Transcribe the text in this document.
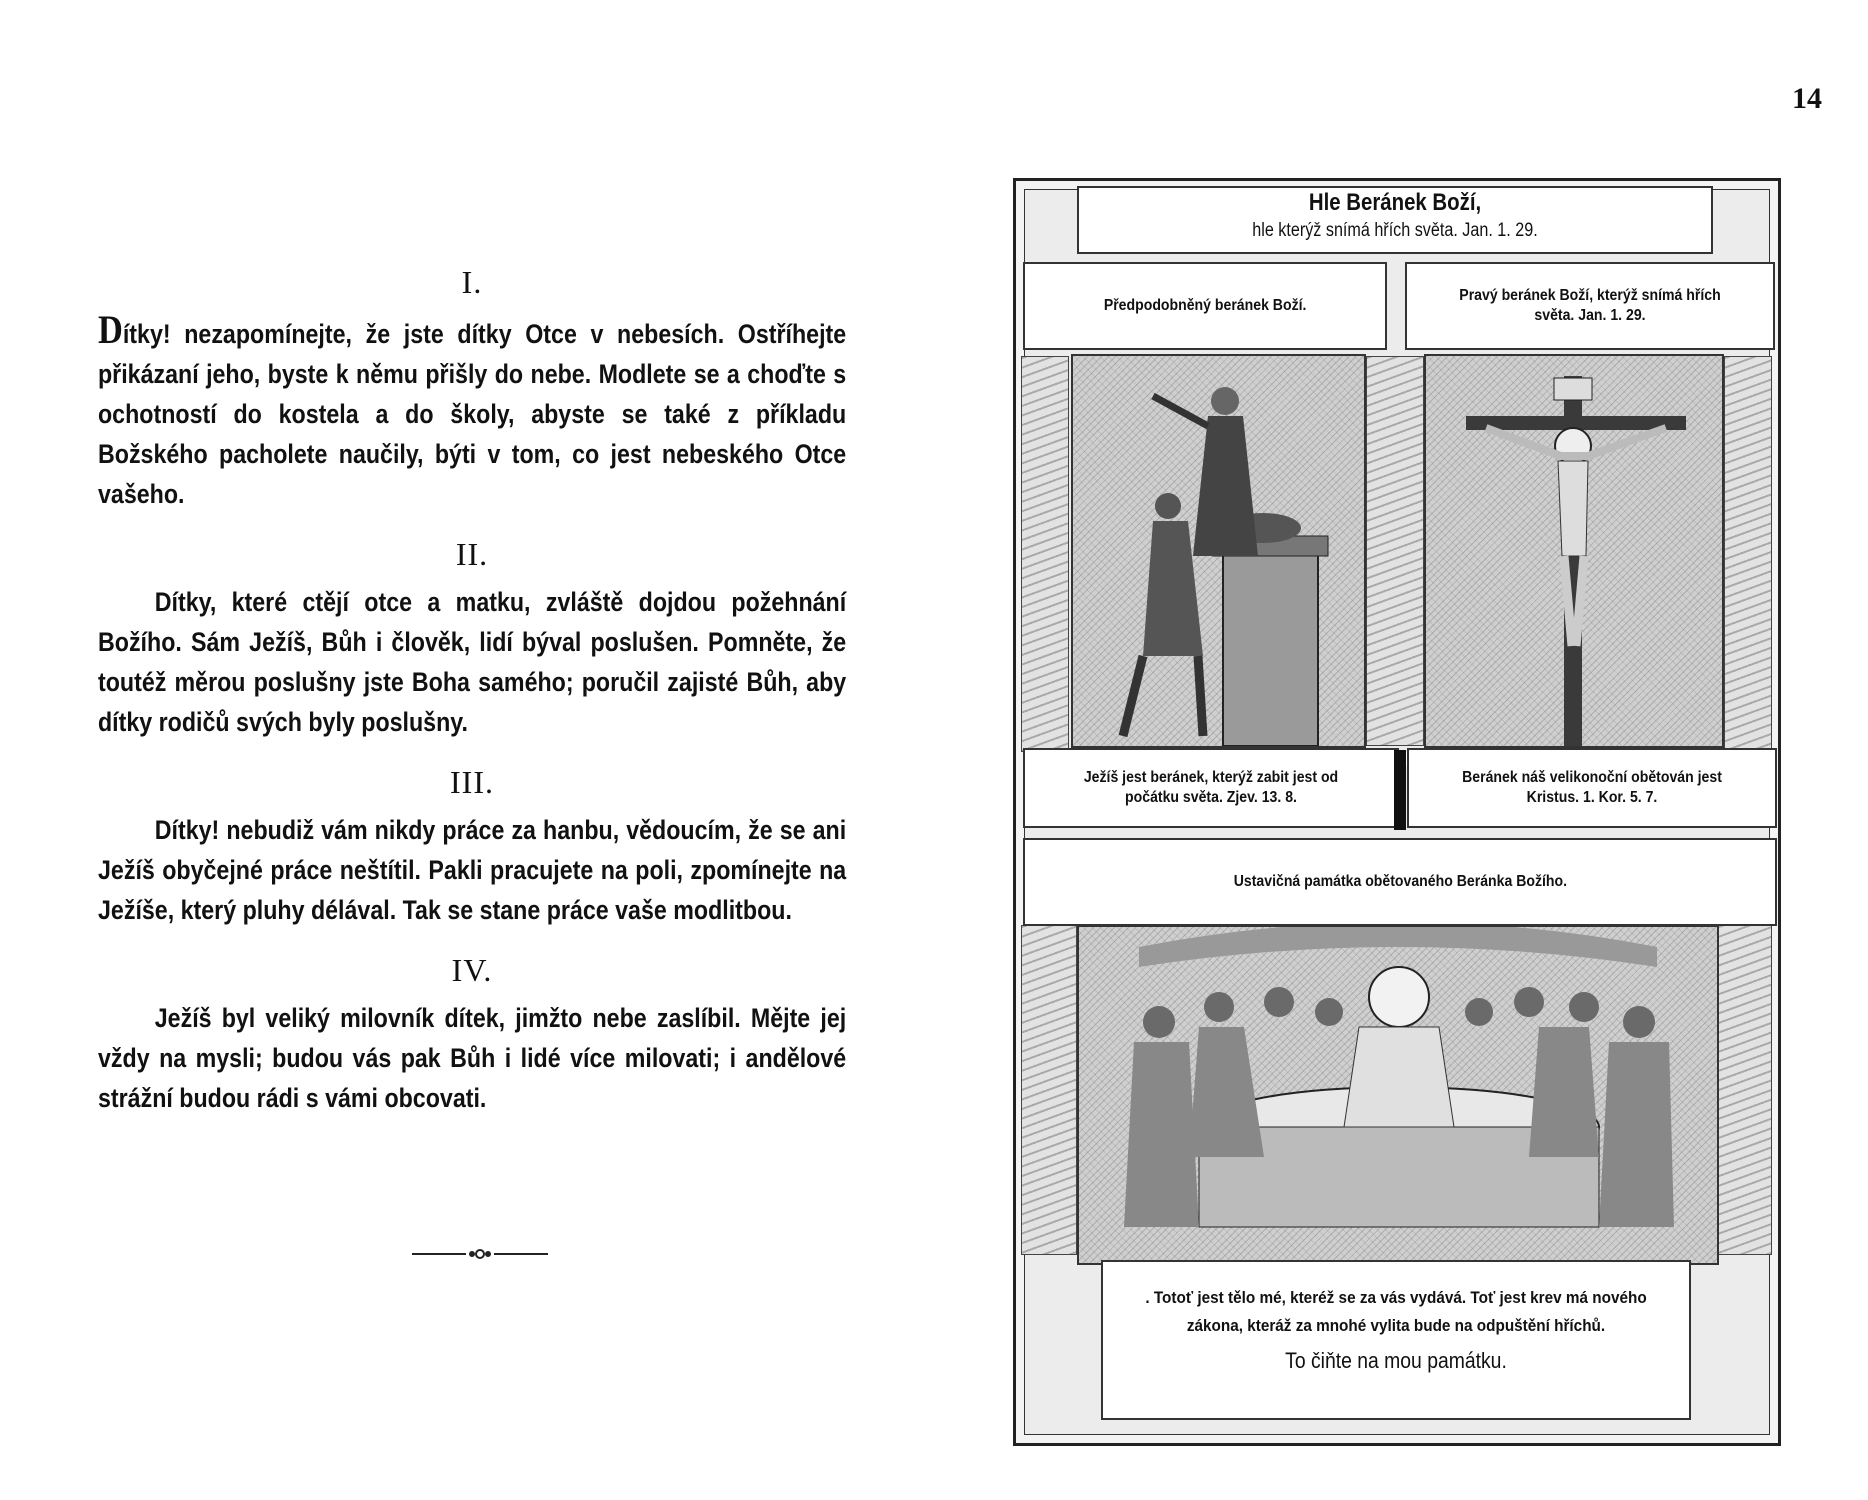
14
I.
Dítky! nezapomínejte, že jste dítky Otce v nebesích. Ostříhejte přikázaní jeho, byste k němu přišly do nebe. Modlete se a choďte s ochotností do kostela a do školy, abyste se také z příkladu Božského pacholete naučily, býti v tom, co jest nebeského Otce vašeho.
II.
Dítky, které ctějí otce a matku, zvláště dojdou požehnání Božího. Sám Ježíš, Bůh i člověk, lidí býval poslušen. Pomněte, že toutéž měrou poslušny jste Boha samého; poručil zajisté Bůh, aby dítky rodičů svých byly poslušny.
III.
Dítky! nebudiž vám nikdy práce za hanbu, vědoucím, že se ani Ježíš obyčejné práce neštítil. Pakli pracujete na poli, zpomínejte na Ježíše, který pluhy délával. Tak se stane práce vaše modlitbou.
IV.
Ježíš byl veliký milovník dítek, jimžto nebe zaslíbil. Mějte jej vždy na mysli; budou vás pak Bůh i lidé více milovati; i andělové strážní budou rádi s vámi obcovati.
Hle Beránek Boží,
hle kterýž snímá hřích světa. Jan. 1. 29.
Předpodobněný beránek Boží.
Pravý beránek Boží, kterýž snímá hřích světa. Jan. 1. 29.
Ježíš jest beránek, kterýž zabit jest od počátku světa. Zjev. 13. 8.
Beránek náš velikonoční obětován jest Kristus. 1. Kor. 5. 7.
Ustavičná památka obětovaného Beránka Božího.
. Totoť jest tělo mé, kteréž se za vás vydává. Toť jest krev má nového zákona, kteráž za mnohé vylita bude na odpuštění hříchů.
To čiňte na mou památku.
